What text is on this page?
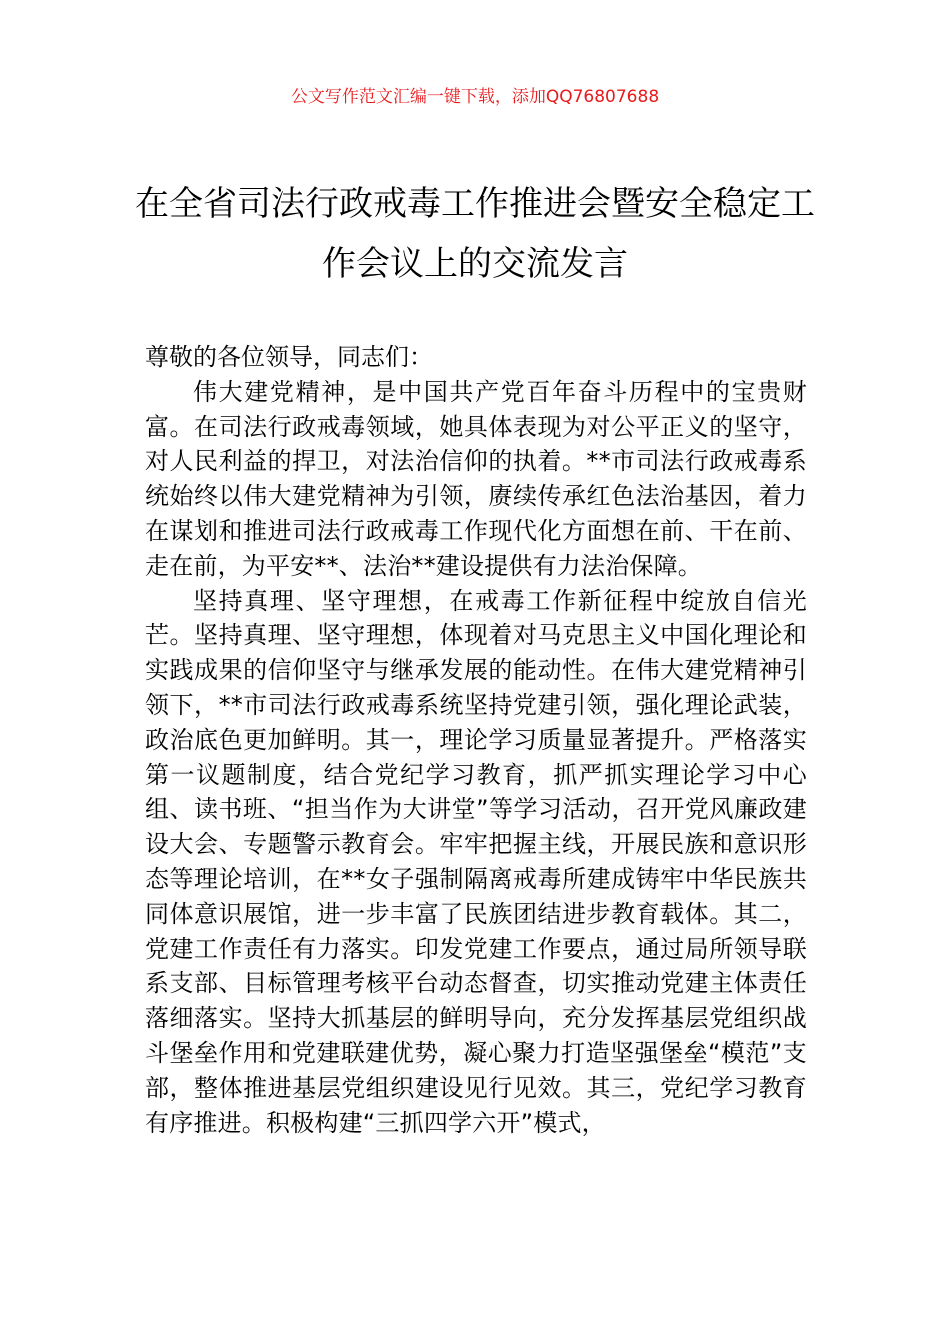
公文写作范文汇编一键下载，添加QQ76807688
在全省司法行政戒毒工作推进会暨安全稳定工作会议上的交流发言

尊敬的各位领导，同志们：

伟大建党精神，是中国共产党百年奋斗历程中的宝贵财富。在司法行政戒毒领域，她具体表现为对公平正义的坚守，对人民利益的捍卫，对法治信仰的执着。**市司法行政戒毒系统始终以伟大建党精神为引领，赓续传承红色法治基因，着力在谋划和推进司法行政戒毒工作现代化方面想在前、干在前、走在前，为平安**、法治**建设提供有力法治保障。

坚持真理、坚守理想，在戒毒工作新征程中绽放自信光芒。坚持真理、坚守理想，体现着对马克思主义中国化理论和实践成果的信仰坚守与继承发展的能动性。在伟大建党精神引领下，**市司法行政戒毒系统坚持党建引领，强化理论武装，政治底色更加鲜明。其一，理论学习质量显著提升。严格落实第一议题制度，结合党纪学习教育，抓严抓实理论学习中心组、读书班、“担当作为大讲堂”等学习活动，召开党风廉政建设大会、专题警示教育会。牢牢把握主线，开展民族和意识形态等理论培训，在**女子强制隔离戒毒所建成铸牢中华民族共同体意识展馆，进一步丰富了民族团结进步教育载体。其二，党建工作责任有力落实。印发党建工作要点，通过局所领导联系支部、目标管理考核平台动态督查，切实推动党建主体责任落细落实。坚持大抓基层的鲜明导向，充分发挥基层党组织战斗堡垒作用和党建联建优势，凝心聚力打造坚强堡垒“模范”支部，整体推进基层党组织建设见行见效。其三，党纪学习教育有序推进。积极构建“三抓四学六开”模式，
